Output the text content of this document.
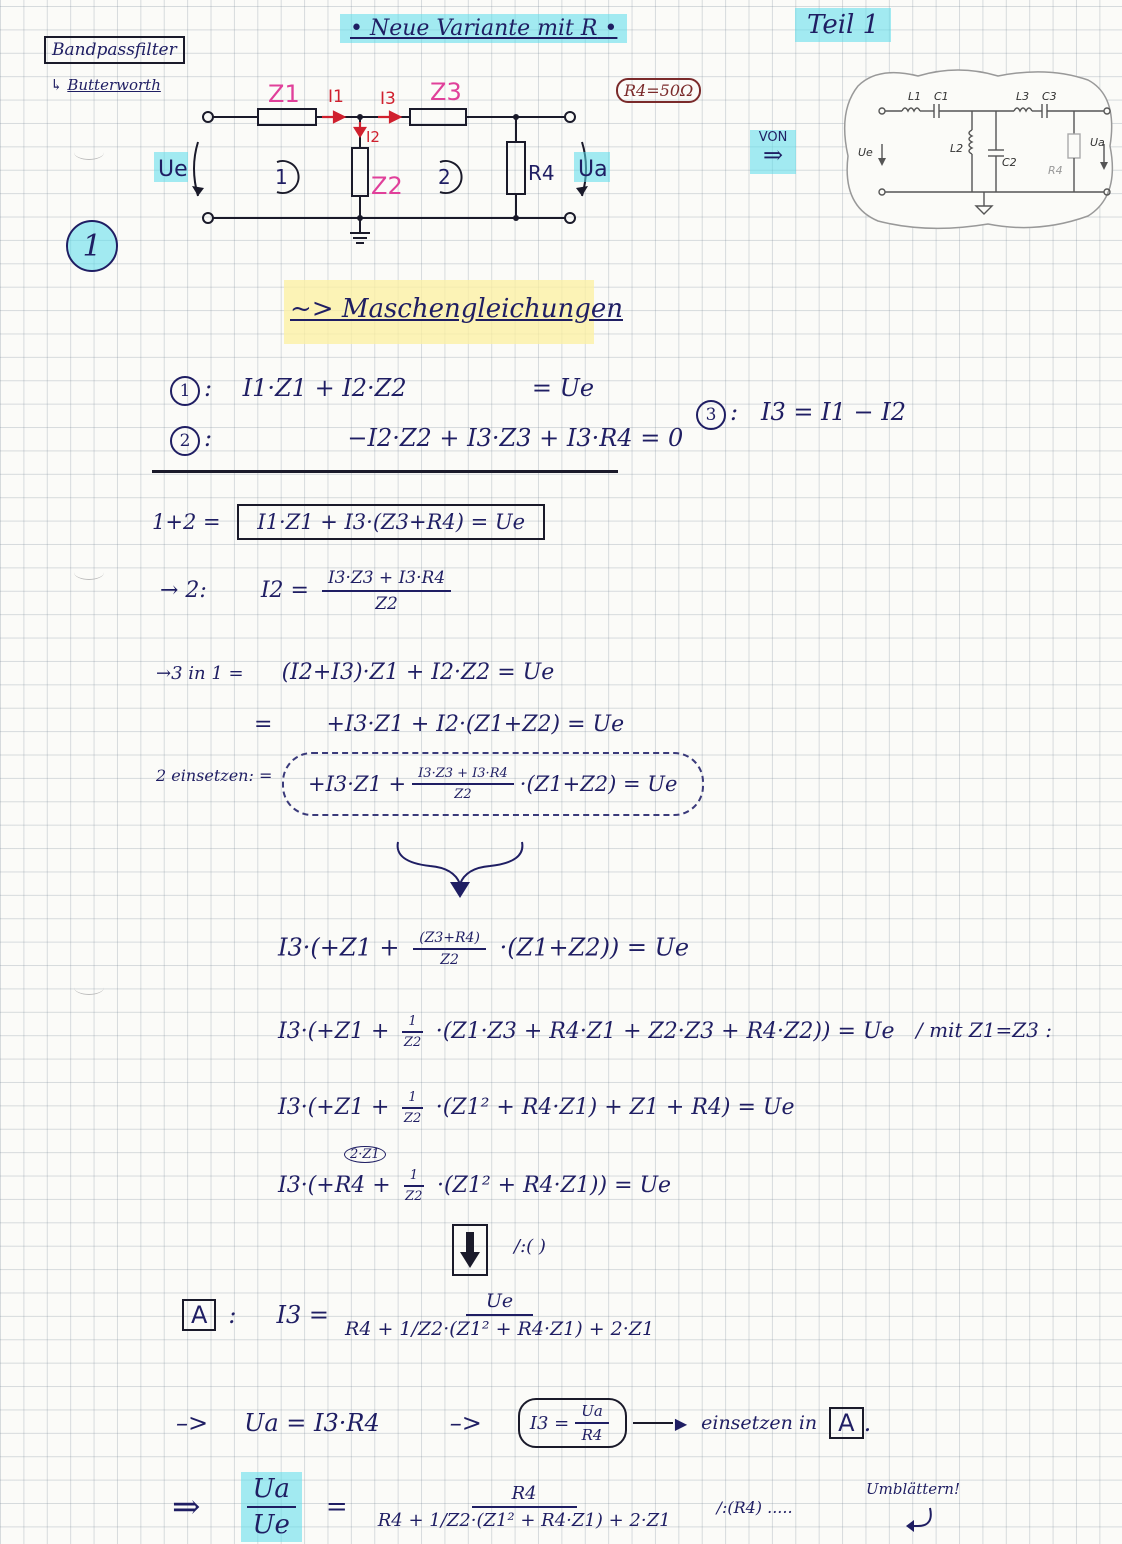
Bandpassfilter
↳ Butterworth
• Neue Variante mit R •	Teil 1
R4=50Ω
1
Z1 I1 I3 Z3
I2
Z2	R4
1	2
Ue	Ua
VON
⇒
L1 C1	L3 C3
L2
C2
R4
Ue
Ua
~> Maschengleichungen
1 :    I1·Z1 + I2·Z2	= Ue
2 :	−I2·Z2 + I3·Z3 + I3·R4 = 0
3 :   I3 = I1 − I2
1+2 = I1·Z1 + I3·(Z3+R4) = Ue
→ 2: $I2 = \frac{I3\cdot Z3 + I3\cdot R4}{Z2}$
→3 in 1 = (I2+I3)·Z1 + I2·Z2 = Ue
= +I3·Z1 + I2·(Z1+Z2) = Ue
2 einsetzen: = $+I3\cdot Z1 + \frac{I3\cdot Z3 + I3\cdot R4}{Z2} \cdot(Z1+Z2) = Ue$
$I3\cdot(+Z1 + \frac{(Z3+R4)}{Z2} \cdot(Z1+Z2)) = Ue$
$I3\cdot(+Z1 + \frac{1}{Z2} \cdot(Z1\cdot Z3 + R4\cdot Z1 + Z2\cdot Z3 + R4\cdot Z2)) = Ue$ / mit Z1=Z3 :
$I3\cdot(+Z1 + \frac{1}{Z2} \cdot(Z1^2 + R4\cdot Z1) + Z1 + R4) = Ue$
2·Z1
$I3\cdot(+R4 + \frac{1}{Z2} \cdot(Z1^2 + R4\cdot Z1)) = Ue$
/:( )
A : $I3 = \frac{Ue}{\text{R4 + 1/Z2·(Z1² + R4·Z1) + 2·Z1}}$
–> Ua = I3·R4	–>	$I3 = \frac{Ua}{R4}$	▶ einsetzen in A .
⇒ $\frac{Ua}{Ue} = \frac{R4}{\text{R4 + 1/Z2·(Z1² + R4·Z1) + 2·Z1}}$	/:(R4) .....
Umblättern!
